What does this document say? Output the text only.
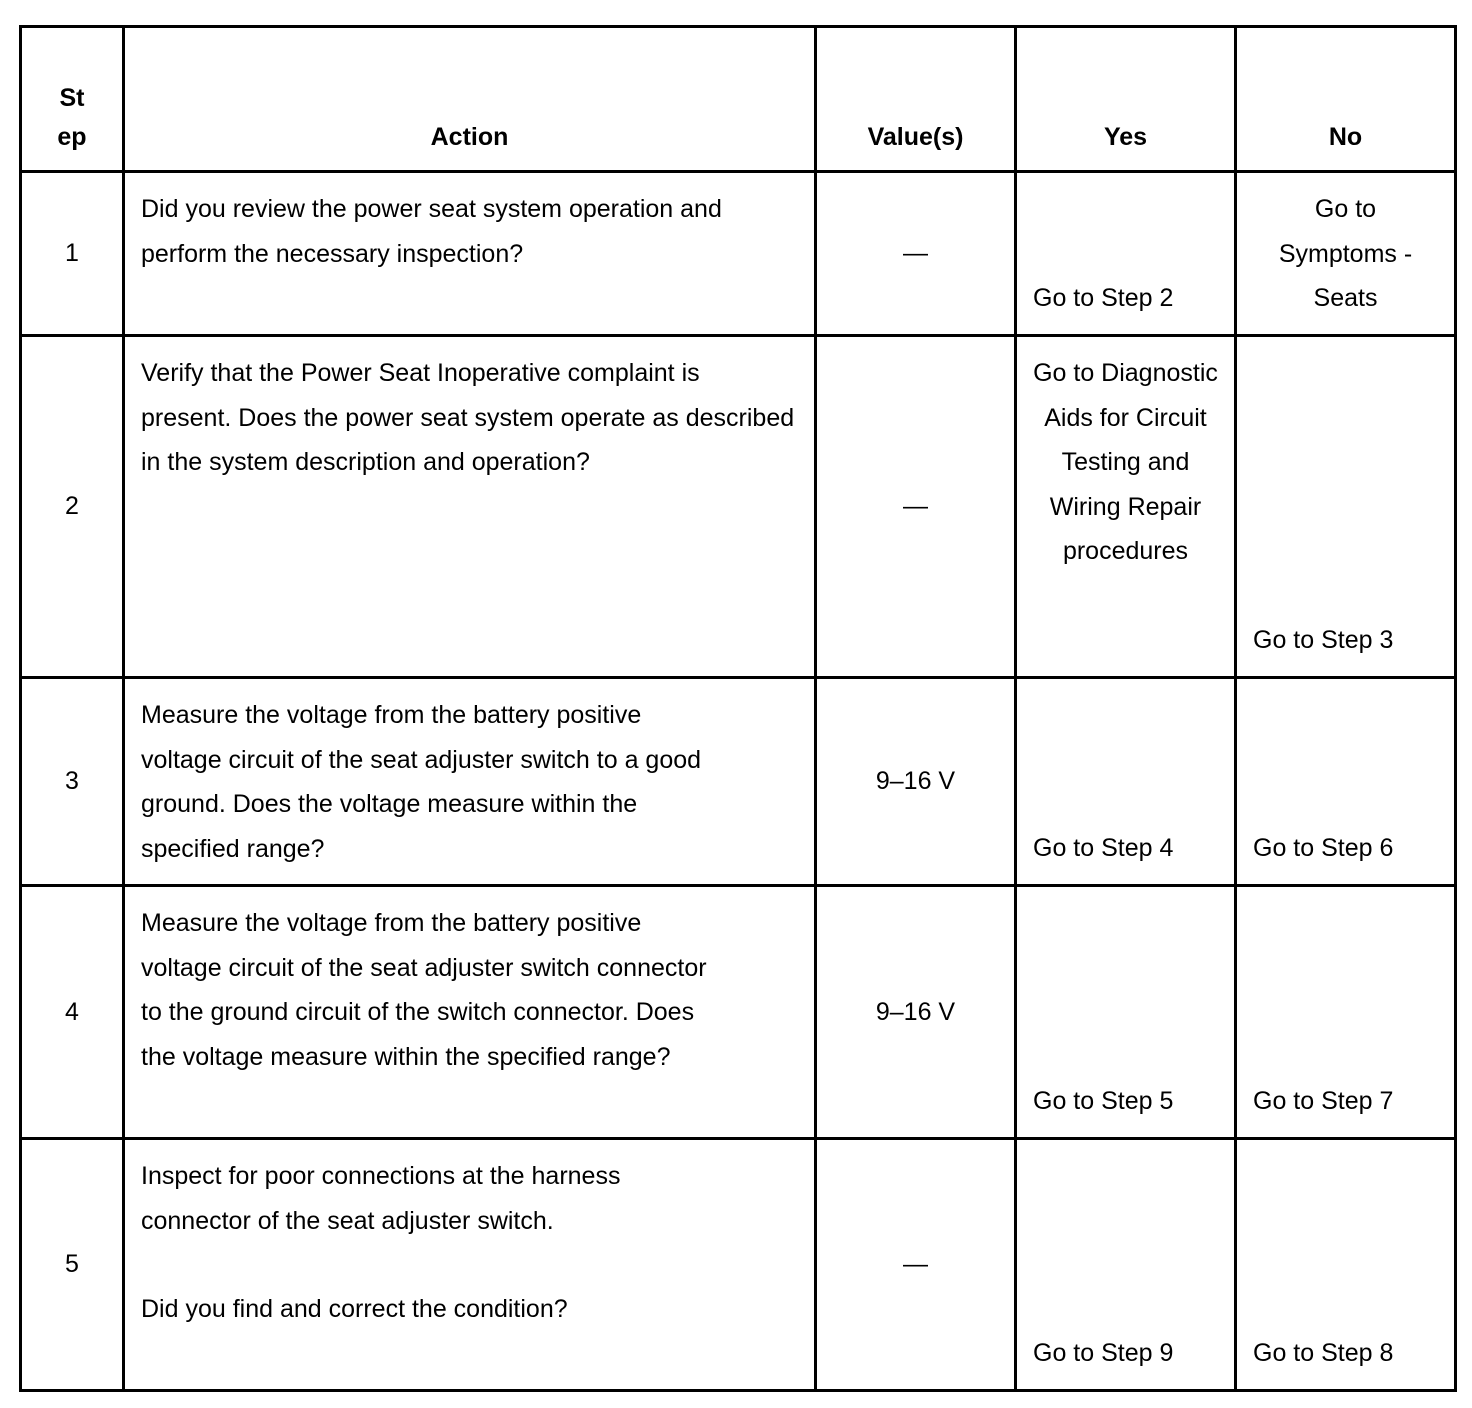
St
ep	Action	Value(s)	Yes	No
1	Did you review the power seat system operation and perform the necessary inspection?	—	Go to Step 2	Go to Symptoms - Seats

2	Verify that the Power Seat Inoperative complaint is present. Does the power seat system operate as described in the system description and operation?	—	Go to Diagnostic Aids for Circuit Testing and Wiring Repair procedures	Go to Step 3

3	Measure the voltage from the battery positive voltage circuit of the seat adjuster switch to a good ground. Does the voltage measure within the specified range?	9–16 V	Go to Step 4	Go to Step 6

4	Measure the voltage from the battery positive voltage circuit of the seat adjuster switch connector to the ground circuit of the switch connector. Does the voltage measure within the specified range?	9–16 V	Go to Step 5	Go to Step 7

5	Inspect for poor connections at the harness connector of the seat adjuster switch.
Did you find and correct the condition?	—	Go to Step 9	Go to Step 8
